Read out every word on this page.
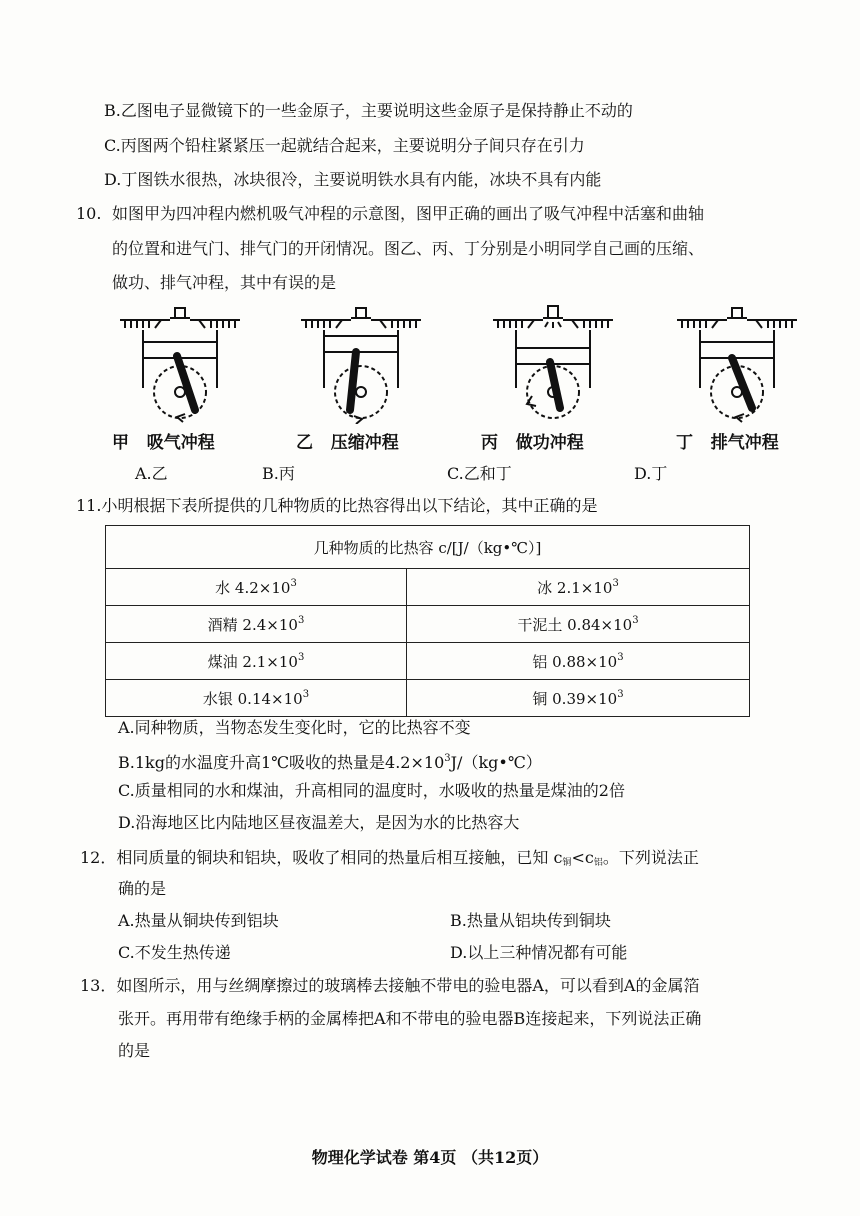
B.乙图电子显微镜下的一些金原子，主要说明这些金原子是保持静止不动的
C.丙图两个铅柱紧紧压一起就结合起来，主要说明分子间只存在引力
D.丁图铁水很热，冰块很冷，主要说明铁水具有内能，冰块不具有内能
10. 如图甲为四冲程内燃机吸气冲程的示意图，图甲正确的画出了吸气冲程中活塞和曲轴
的位置和进气门、排气门的开闭情况。图乙、丙、丁分别是小明同学自己画的压缩、
做功、排气冲程，其中有误的是
甲 吸气冲程	乙 压缩冲程	丙 做功冲程	丁 排气冲程
A.乙	B.丙	C.乙和丁	D.丁
11.小明根据下表所提供的几种物质的比热容得出以下结论，其中正确的是
几种物质的比热容 c/[J/（kg•℃）]	
水 $4.2\times 10^3$	冰 $2.1\times 10^3$
酒精 $2.4\times 10^3$	干泥土 $0.84\times 10^3$
煤油 $2.1\times 10^3$	铝 $0.88\times 10^3$
水银 $0.14\times 10^3$	铜 $0.39\times 10^3$
A.同种物质，当物态发生变化时，它的比热容不变
B.1kg的水温度升高1℃吸收的热量是$4.2\times 10^3J/(kg•℃)$
C.质量相同的水和煤油，升高相同的温度时，水吸收的热量是煤油的2倍
D.沿海地区比内陆地区昼夜温差大，是因为水的比热容大
12．相同质量的铜块和铝块，吸收了相同的热量后相互接触，已知 $c_铜<c_铝$。下列说法正
确的是
A.热量从铜块传到铝块	B.热量从铝块传到铜块
C.不发生热传递	D.以上三种情况都有可能
13．如图所示，用与丝绸摩擦过的玻璃棒去接触不带电的验电器A，可以看到A的金属箔
张开。再用带有绝缘手柄的金属棒把A和不带电的验电器B连接起来，下列说法正确
的是
物理化学试卷 第4页 （共12页）
